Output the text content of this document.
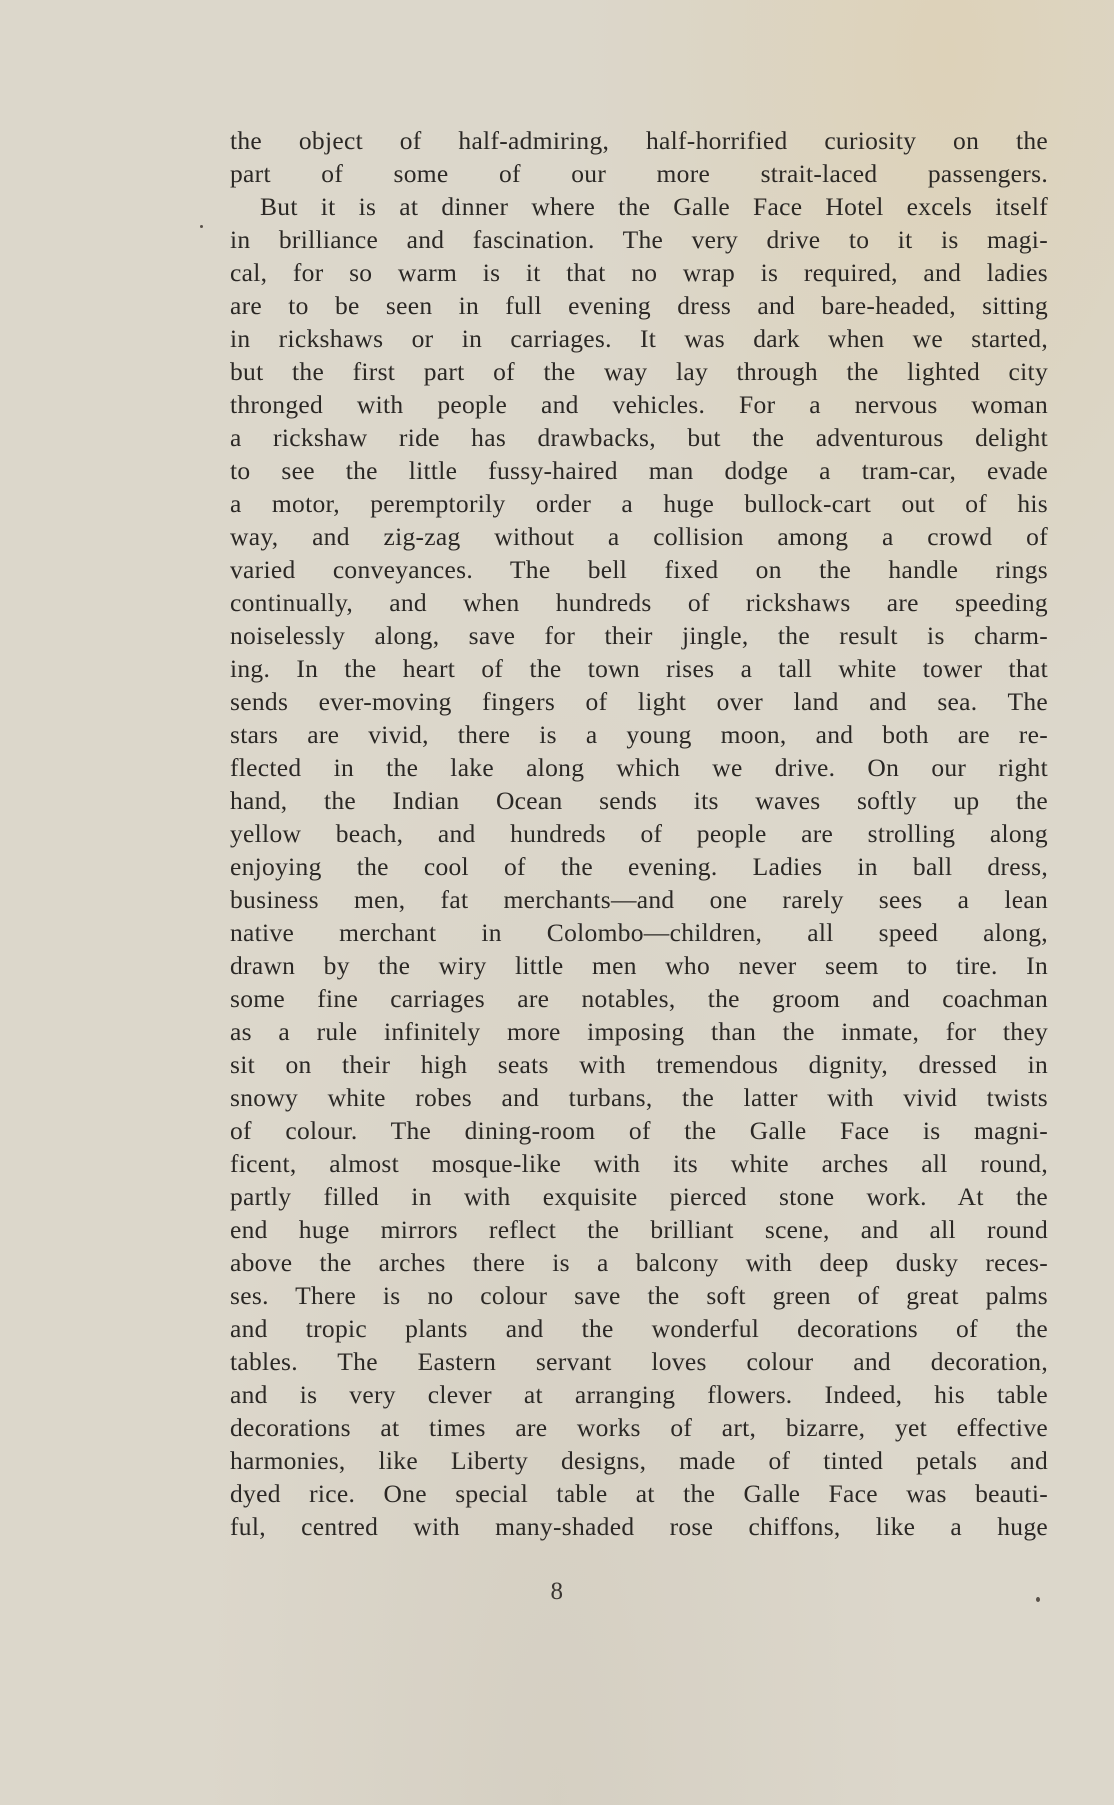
the object of half-admiring, half-horrified curiosity on the
part of some of our more strait-laced passengers.
But it is at dinner where the Galle Face Hotel excels itself
in brilliance and fascination. The very drive to it is magi-
cal, for so warm is it that no wrap is required, and ladies
are to be seen in full evening dress and bare-headed, sitting
in rickshaws or in carriages. It was dark when we started,
but the first part of the way lay through the lighted city
thronged with people and vehicles. For a nervous woman
a rickshaw ride has drawbacks, but the adventurous delight
to see the little fussy-haired man dodge a tram-car, evade
a motor, peremptorily order a huge bullock-cart out of his
way, and zig-zag without a collision among a crowd of
varied conveyances. The bell fixed on the handle rings
continually, and when hundreds of rickshaws are speeding
noiselessly along, save for their jingle, the result is charm-
ing. In the heart of the town rises a tall white tower that
sends ever-moving fingers of light over land and sea. The
stars are vivid, there is a young moon, and both are re-
flected in the lake along which we drive. On our right
hand, the Indian Ocean sends its waves softly up the
yellow beach, and hundreds of people are strolling along
enjoying the cool of the evening. Ladies in ball dress,
business men, fat merchants—and one rarely sees a lean
native merchant in Colombo—children, all speed along,
drawn by the wiry little men who never seem to tire. In
some fine carriages are notables, the groom and coachman
as a rule infinitely more imposing than the inmate, for they
sit on their high seats with tremendous dignity, dressed in
snowy white robes and turbans, the latter with vivid twists
of colour. The dining-room of the Galle Face is magni-
ficent, almost mosque-like with its white arches all round,
partly filled in with exquisite pierced stone work. At the
end huge mirrors reflect the brilliant scene, and all round
above the arches there is a balcony with deep dusky reces-
ses. There is no colour save the soft green of great palms
and tropic plants and the wonderful decorations of the
tables. The Eastern servant loves colour and decoration,
and is very clever at arranging flowers. Indeed, his table
decorations at times are works of art, bizarre, yet effective
harmonies, like Liberty designs, made of tinted petals and
dyed rice. One special table at the Galle Face was beauti-
ful, centred with many-shaded rose chiffons, like a huge
8
